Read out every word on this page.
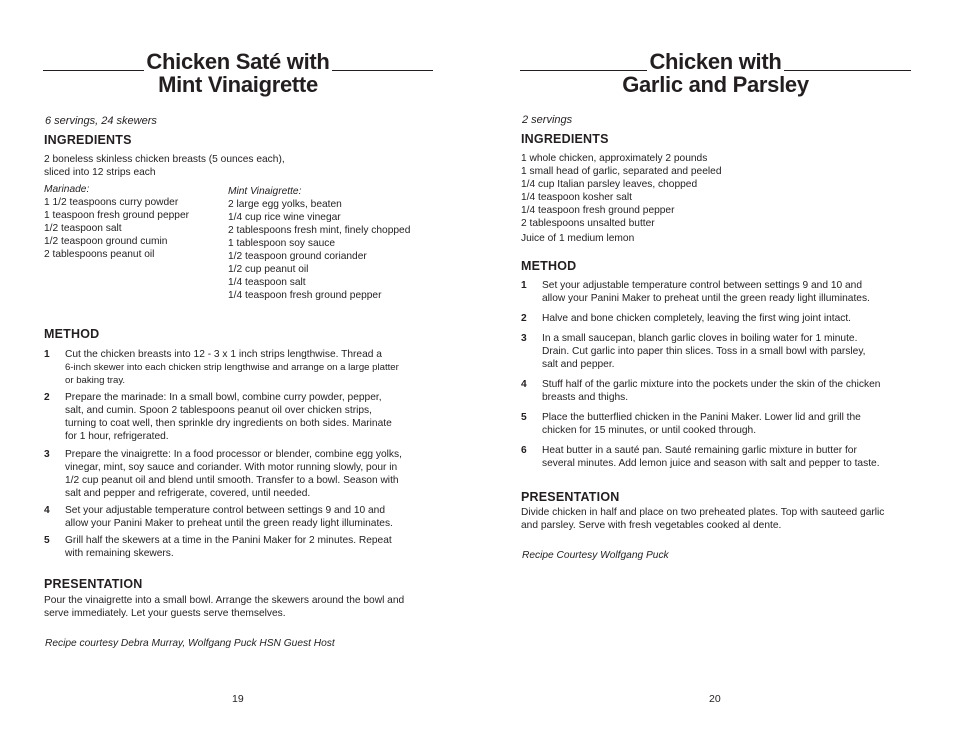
Chicken Saté with
Mint Vinaigrette
6 servings, 24 skewers
INGREDIENTS
2 boneless skinless chicken breasts (5 ounces each),
sliced into 12 strips each
Marinade:
1 1/2 teaspoons curry powder
1 teaspoon fresh ground pepper
1/2 teaspoon salt
1/2 teaspoon ground cumin
2 tablespoons peanut oil
Mint Vinaigrette:
2 large egg yolks, beaten
1/4 cup rice wine vinegar
2 tablespoons fresh mint, finely chopped
1 tablespoon soy sauce
1/2 teaspoon ground coriander
1/2 cup peanut oil
1/4 teaspoon salt
1/4 teaspoon fresh ground pepper
METHOD
1 Cut the chicken breasts into 12 - 3 x 1 inch strips lengthwise. Thread a
6-inch skewer into each chicken strip lengthwise and arrange on a large platter
or baking tray.
2 Prepare the marinade: In a small bowl, combine curry powder, pepper,
salt, and cumin. Spoon 2 tablespoons peanut oil over chicken strips,
turning to coat well, then sprinkle dry ingredients on both sides. Marinate
for 1 hour, refrigerated.
3 Prepare the vinaigrette: In a food processor or blender, combine egg yolks,
vinegar, mint, soy sauce and coriander. With motor running slowly, pour in
1/2 cup peanut oil and blend until smooth. Transfer to a bowl. Season with
salt and pepper and refrigerate, covered, until needed.
4 Set your adjustable temperature control between settings 9 and 10 and
allow your Panini Maker to preheat until the green ready light illuminates.
5 Grill half the skewers at a time in the Panini Maker for 2 minutes. Repeat
with remaining skewers.
PRESENTATION
Pour the vinaigrette into a small bowl. Arrange the skewers around the bowl and
serve immediately. Let your guests serve themselves.
Recipe courtesy Debra Murray, Wolfgang Puck HSN Guest Host
19
Chicken with
Garlic and Parsley
2 servings
INGREDIENTS
1 whole chicken, approximately 2 pounds
1 small head of garlic, separated and peeled
1/4 cup Italian parsley leaves, chopped
1/4 teaspoon kosher salt
1/4 teaspoon fresh ground pepper
2 tablespoons unsalted butter
Juice of 1 medium lemon
METHOD
1 Set your adjustable temperature control between settings 9 and 10 and
allow your Panini Maker to preheat until the green ready light illuminates.
2 Halve and bone chicken completely, leaving the first wing joint intact.
3 In a small saucepan, blanch garlic cloves in boiling water for 1 minute.
Drain. Cut garlic into paper thin slices. Toss in a small bowl with parsley,
salt and pepper.
4 Stuff half of the garlic mixture into the pockets under the skin of the chicken
breasts and thighs.
5 Place the butterflied chicken in the Panini Maker. Lower lid and grill the
chicken for 15 minutes, or until cooked through.
6 Heat butter in a sauté pan. Sauté remaining garlic mixture in butter for
several minutes. Add lemon juice and season with salt and pepper to taste.
PRESENTATION
Divide chicken in half and place on two preheated plates. Top with sauteed garlic
and parsley. Serve with fresh vegetables cooked al dente.
Recipe Courtesy Wolfgang Puck
20
